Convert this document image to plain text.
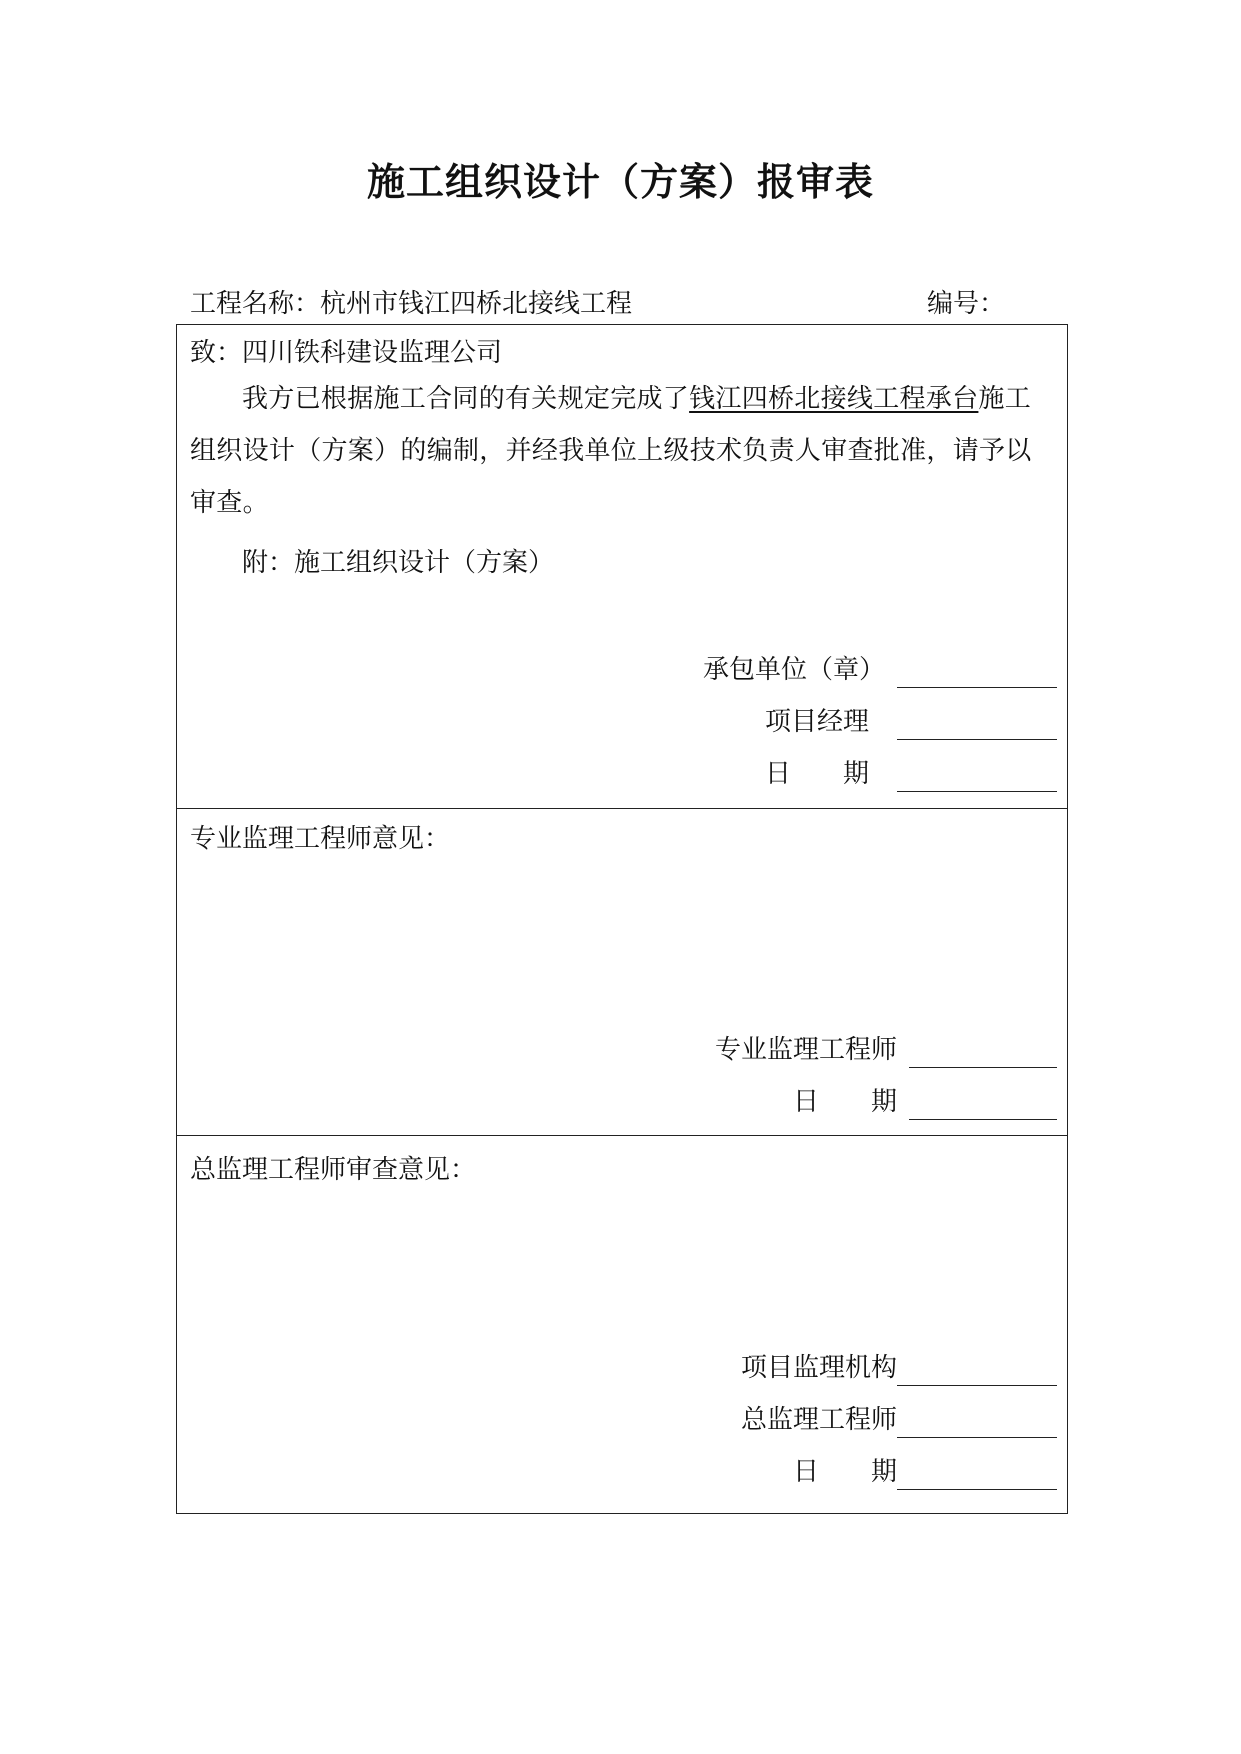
施工组织设计（方案）报审表
工程名称：杭州市钱江四桥北接线工程	编号：
致：四川铁科建设监理公司
我方已根据施工合同的有关规定完成了钱江四桥北接线工程承台施工组织设计（方案）的编制，并经我单位上级技术负责人审查批准，请予以审查。
附：施工组织设计（方案）
承包单位（章）
项目经理
日 期
专业监理工程师意见：
专业监理工程师
日 期
总监理工程师审查意见：
项目监理机构
总监理工程师
日 期
